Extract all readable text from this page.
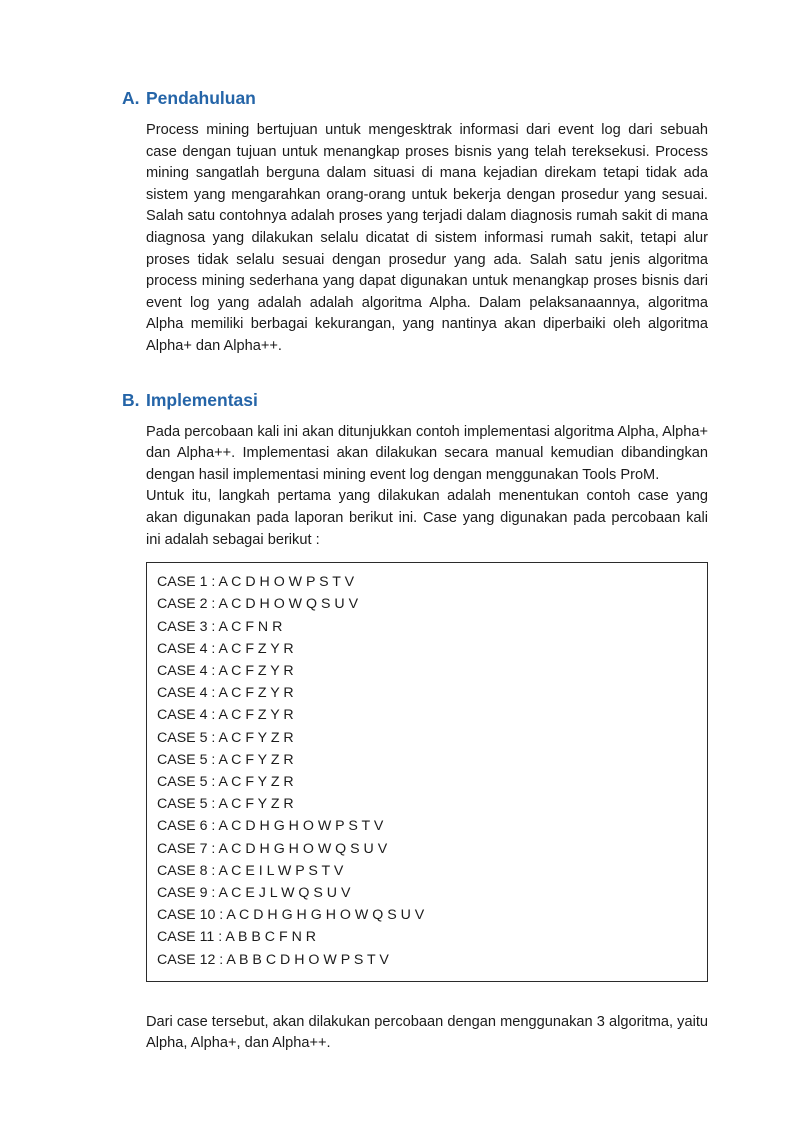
A. Pendahuluan

Process mining bertujuan untuk mengesktrak informasi dari event log dari sebuah case dengan tujuan untuk menangkap proses bisnis yang telah tereksekusi. Process mining sangatlah berguna dalam situasi di mana kejadian direkam tetapi tidak ada sistem yang mengarahkan orang-orang untuk bekerja dengan prosedur yang sesuai. Salah satu contohnya adalah proses yang terjadi dalam diagnosis rumah sakit di mana diagnosa yang dilakukan selalu dicatat di sistem informasi rumah sakit, tetapi alur proses tidak selalu sesuai dengan prosedur yang ada. Salah satu jenis algoritma process mining sederhana yang dapat digunakan untuk menangkap proses bisnis dari event log yang adalah adalah algoritma Alpha. Dalam pelaksanaannya, algoritma Alpha memiliki berbagai kekurangan, yang nantinya akan diperbaiki oleh algoritma Alpha+ dan Alpha++.

B. Implementasi

Pada percobaan kali ini akan ditunjukkan contoh implementasi algoritma Alpha, Alpha+ dan Alpha++. Implementasi akan dilakukan secara manual kemudian dibandingkan dengan hasil implementasi mining event log dengan menggunakan Tools ProM.

Untuk itu, langkah pertama yang dilakukan adalah menentukan contoh case yang akan digunakan pada laporan berikut ini. Case yang digunakan pada percobaan kali ini adalah sebagai berikut :

CASE 1 : A C D H O W P S T V
CASE 2 : A C D H O W Q S U V
CASE 3 : A C F N R
CASE 4 : A C F Z Y R
CASE 4 : A C F Z Y R
CASE 4 : A C F Z Y R
CASE 4 : A C F Z Y R
CASE 5 : A C F Y Z R
CASE 5 : A C F Y Z R
CASE 5 : A C F Y Z R
CASE 5 : A C F Y Z R
CASE 6 : A C D H G H O W P S T V
CASE 7 : A C D H G H O W Q S U V
CASE 8 : A C E I L W P S T V
CASE 9 : A C E J L W Q S U V
CASE 10 : A C D H G H G H O W Q S U V
CASE 11 : A B B C F N R
CASE 12 : A B B C D H O W P S T V

Dari case tersebut, akan dilakukan percobaan dengan menggunakan 3 algoritma, yaitu Alpha, Alpha+, dan Alpha++.
